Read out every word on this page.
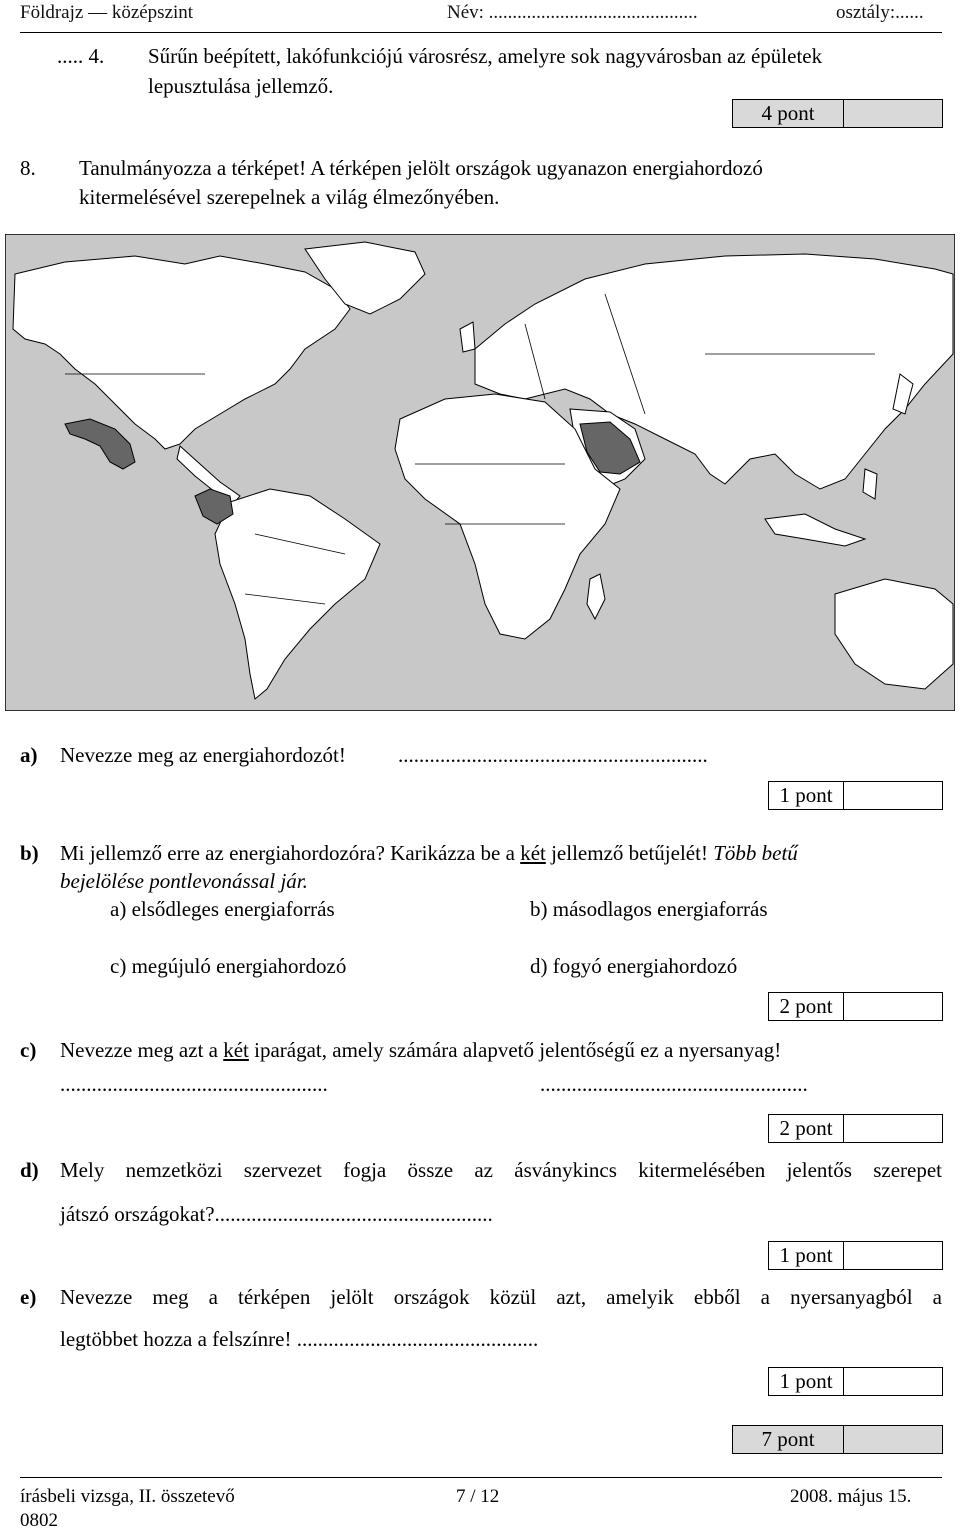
Földrajz — középszint	Név: ............................................	osztály:......
..... 4. Sűrűn beépített, lakófunkciójú városrész, amelyre sok nagyvárosban az épületek
lepusztulása jellemző.
4 pont
8. Tanulmányozza a térképet! A térképen jelölt országok ugyanazon energiahordozó
kitermelésével szerepelnek a világ élmezőnyében.
a) Nevezze meg az energiahordozót! ...........................................................
1 pont
b) Mi jellemző erre az energiahordozóra? Karikázza be a két jellemző betűjelét! Több betű
bejelölése pontlevonással jár.
a) elsődleges energiaforrás	b) másodlagos energiaforrás
c) megújuló energiahordozó	d) fogyó energiahordozó
2 pont
c) Nevezze meg azt a két iparágat, amely számára alapvető jelentőségű ez a nyersanyag!
...................................................	...................................................
2 pont
d) Mely nemzetközi szervezet fogja össze az ásványkincs kitermelésében jelentős szerepet
játszó országokat?.....................................................
1 pont
e) Nevezze meg a térképen jelölt országok közül azt, amelyik ebből a nyersanyagból a
legtöbbet hozza a felszínre! ..............................................
1 pont
7 pont
írásbeli vizsga, II. összetevő
0802
7 / 12	2008. május 15.
